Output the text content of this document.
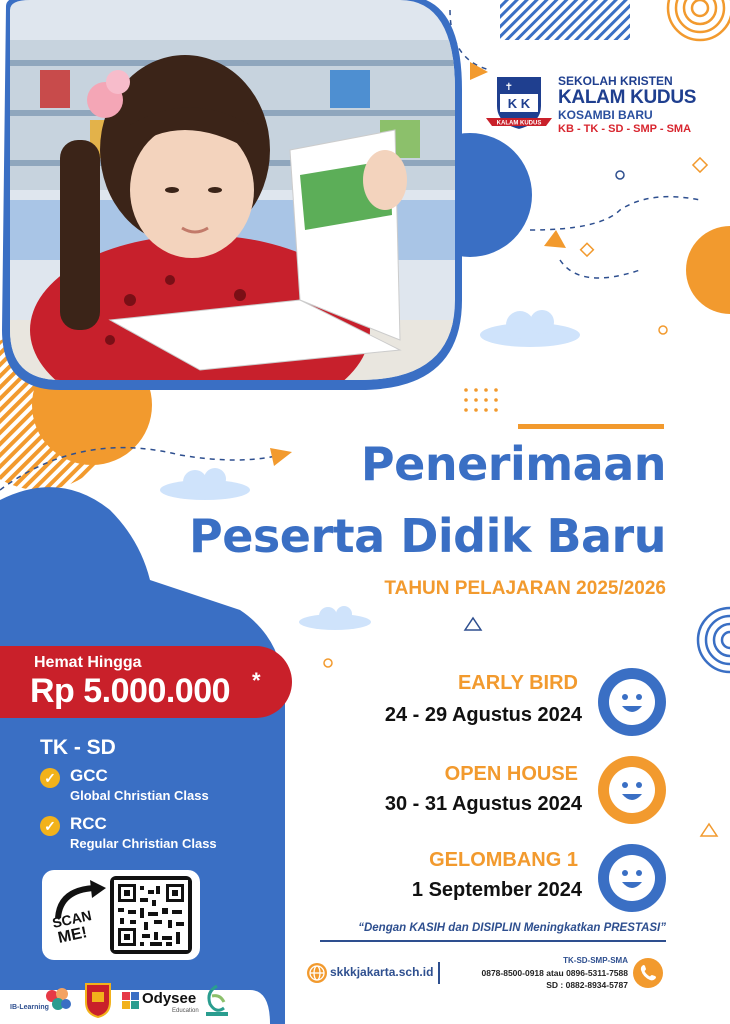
K K
✝
KALAM KUDUS
SEKOLAH KRISTEN
KALAM KUDUS
KOSAMBI BARU
KB - TK - SD - SMP - SMA
Penerimaan
Peserta Didik Baru
TAHUN PELAJARAN 2025/2026
Hemat Hingga
Rp 5.000.000 *
TK - SD
✓ GCC
Global Christian Class
✓ RCC
Regular Christian Class
SCAN
ME!
EARLY BIRD
24 - 29 Agustus 2024
OPEN HOUSE
30 - 31 Agustus 2024
GELOMBANG 1
1 September 2024
“Dengan KASIH dan DISIPLIN Meningkatkan PRESTASI”
skkkjakarta.sch.id
TK-SD-SMP-SMA
0878-8500-0918 atau 0896-5311-7588
SD : 0882-8934-5787
IB-Learning
Odysee
Education
